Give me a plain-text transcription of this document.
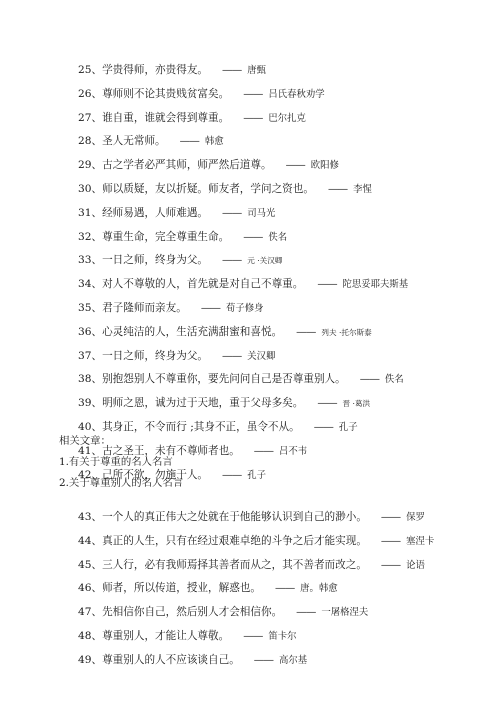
25、学贵得师，亦贵得友。 —— 唐甄
26、尊师则不论其贵贱贫富矣。 —— 吕氏春秋劝学
27、谁自重，谁就会得到尊重。 —— 巴尔扎克
28、圣人无常师。 —— 韩愈
29、古之学者必严其师，师严然后道尊。 —— 欧阳修
30、师以质疑，友以折疑。师友者，学问之资也。 —— 李惺
31、经师易遇，人师难遇。 —— 司马光
32、尊重生命，完全尊重生命。 —— 佚名
33、一日之师，终身为父。 —— 元 ·关汉卿
34、对人不尊敬的人，首先就是对自己不尊重。 —— 陀思妥耶夫斯基
35、君子隆师而亲友。 —— 荀子修身
36、心灵纯洁的人，生活充满甜蜜和喜悦。 —— 列夫 ·托尔斯泰
37、一日之师，终身为父。 —— 关汉卿
38、别抱怨别人不尊重你，要先问问自己是否尊重别人。 —— 佚名
39、明师之恩，诚为过于天地，重于父母多矣。 —— 晋 ·葛洪
40、其身正，不令而行 ;其身不正，虽令不从。 —— 孔子
41、古之圣王，未有不尊师者也。 —— 吕不韦
42、己所不欲，勿施于人。 —— 孔子
相关文章：
1.有关于尊重的名人名言
2.关于尊重别人的名人名言
43、一个人的真正伟大之处就在于他能够认识到自己的渺小。 —— 保罗
44、真正的人生，只有在经过艰难卓绝的斗争之后才能实现。 —— 塞涅卡
45、三人行，必有我师焉择其善者而从之，其不善者而改之。 —— 论语
46、师者，所以传道，授业，解惑也。 —— 唐。韩愈
47、先相信你自己，然后别人才会相信你。 —— 一屠格涅夫
48、尊重别人，才能让人尊敬。 —— 笛卡尔
49、尊重别人的人不应该谈自己。 —— 高尔基
